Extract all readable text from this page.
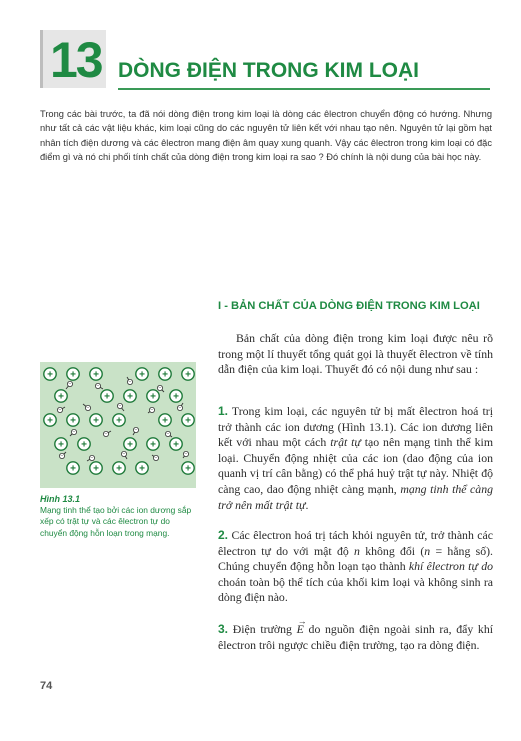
13 DÒNG ĐIỆN TRONG KIM LOẠI

Trong các bài trước, ta đã nói dòng điện trong kim loại là dòng các êlectron chuyển động có hướng. Nhưng như tất cả các vật liệu khác, kim loại cũng do các nguyên tử liên kết với nhau tạo nên. Nguyên tử lại gồm hạt nhân tích điện dương và các êlectron mang điện âm quay xung quanh. Vậy các êlectron trong kim loại có đặc điểm gì và nó chi phối tính chất của dòng điện trong kim loại ra sao ? Đó chính là nội dung của bài học này.

I - BẢN CHẤT CỦA DÒNG ĐIỆN TRONG KIM LOẠI

Bản chất của dòng điện trong kim loại được nêu rõ trong một lí thuyết tổng quát gọi là thuyết êlectron về tính dẫn điện của kim loại. Thuyết đó có nội dung như sau :

1. Trong kim loại, các nguyên tử bị mất êlectron hoá trị trở thành các ion dương (Hình 13.1). Các ion dương liên kết với nhau một cách trật tự tạo nên mạng tinh thể kim loại. Chuyển động nhiệt của các ion (dao động của ion quanh vị trí cân bằng) có thể phá huỷ trật tự này. Nhiệt độ càng cao, dao động nhiệt càng mạnh, mạng tinh thể càng trở nên mất trật tự.

2. Các êlectron hoá trị tách khỏi nguyên tử, trở thành các êlectron tự do với mật độ n không đổi (n = hằng số). Chúng chuyển động hỗn loạn tạo thành khí êlectron tự do choán toàn bộ thể tích của khối kim loại và không sinh ra dòng điện nào.

3. Điện trường
→
E do nguồn điện ngoài sinh ra, đẩy khí êlectron trôi ngược chiều điện trường, tạo ra dòng điện.

+ + +	+ + +
+	+ + + +
+ + + +	+ +
+ +	+ + +
+ + + +	+
−	−
−
−
−	−	−
−	−
−	−
−
−
−	−
−
−
−
Hình 13.1
Mạng tinh thể tạo bởi các ion dương sắp xếp có trật tự và các êlectron tự do chuyển động hỗn loạn trong mạng.
74
